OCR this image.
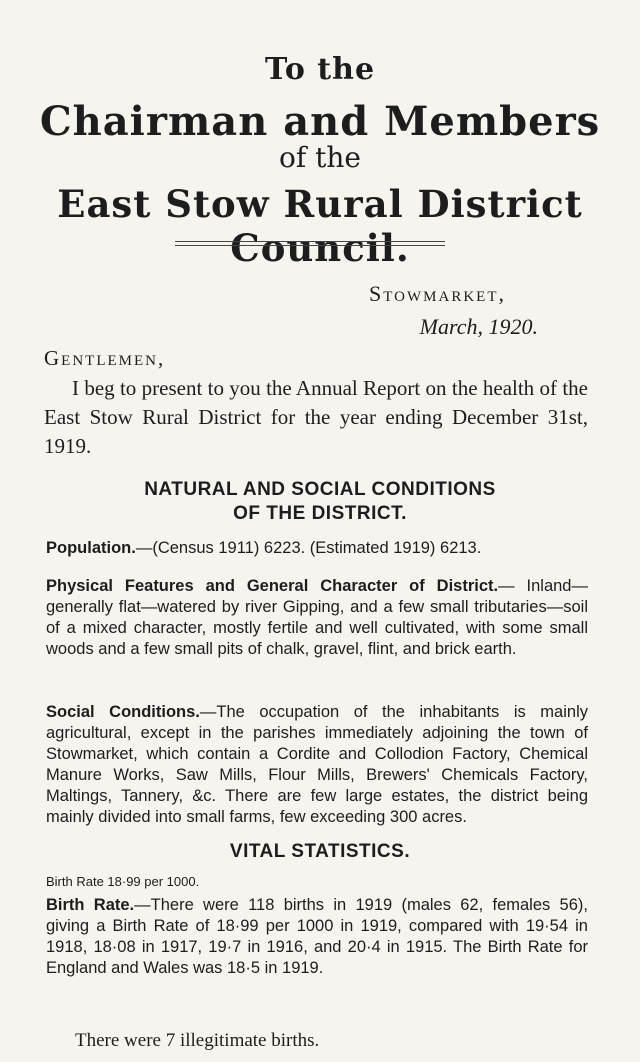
To the
Chairman and Members
of the
East Stow Rural District Council.
Stowmarket,
March, 1920.
Gentlemen,
I beg to present to you the Annual Report on the health of the East Stow Rural District for the year ending December 31st, 1919.
NATURAL AND SOCIAL CONDITIONS
OF THE DISTRICT.
Population.—(Census 1911) 6223. (Estimated 1919) 6213.
Physical Features and General Character of District.— Inland—generally flat—watered by river Gipping, and a few small tributaries—soil of a mixed character, mostly fertile and well cultivated, with some small woods and a few small pits of chalk, gravel, flint, and brick earth.
Social Conditions.—The occupation of the inhabitants is mainly agricultural, except in the parishes immediately adjoining the town of Stowmarket, which contain a Cordite and Collodion Factory, Chemical Manure Works, Saw Mills, Flour Mills, Brewers' Chemicals Factory, Maltings, Tannery, &c. There are few large estates, the district being mainly divided into small farms, few exceeding 300 acres.
VITAL STATISTICS.
Birth Rate 18·99 per 1000.
Birth Rate.—There were 118 births in 1919 (males 62, females 56), giving a Birth Rate of 18·99 per 1000 in 1919, compared with 19·54 in 1918, 18·08 in 1917, 19·7 in 1916, and 20·4 in 1915. The Birth Rate for England and Wales was 18·5 in 1919.
There were 7 illegitimate births.
